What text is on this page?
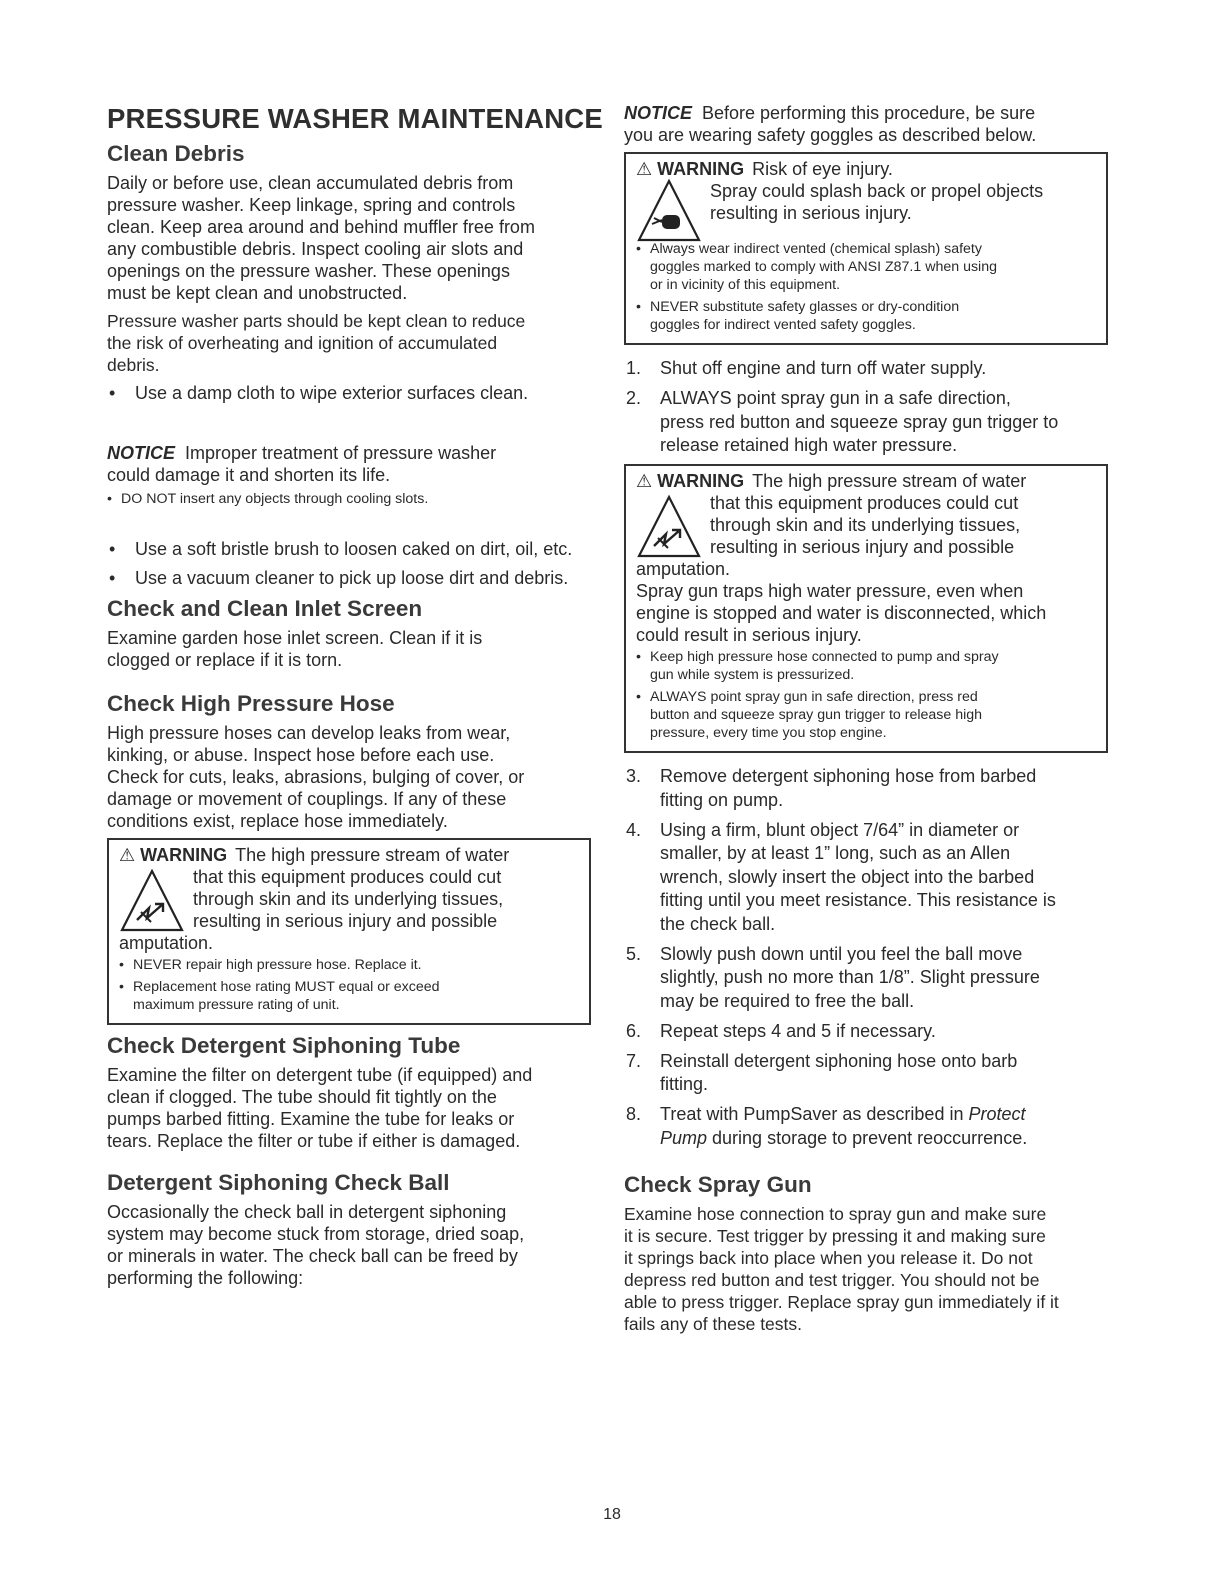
PRESSURE WASHER MAINTENANCE
Clean Debris

Daily or before use, clean accumulated debris from
pressure washer. Keep linkage, spring and controls
clean. Keep area around and behind muffler free from
any combustible debris. Inspect cooling air slots and
openings on the pressure washer. These openings
must be kept clean and unobstructed.

Pressure washer parts should be kept clean to reduce
the risk of overheating and ignition of accumulated
debris.

• Use a damp cloth to wipe exterior surfaces clean.
NOTICE Improper treatment of pressure washer
could damage it and shorten its life.
• DO NOT insert any objects through cooling slots.
• Use a soft bristle brush to loosen caked on dirt, oil, etc.
• Use a vacuum cleaner to pick up loose dirt and debris.
Check and Clean Inlet Screen

Examine garden hose inlet screen. Clean if it is
clogged or replace if it is torn.

Check High Pressure Hose

High pressure hoses can develop leaks from wear,
kinking, or abuse. Inspect hose before each use.
Check for cuts, leaks, abrasions, bulging of cover, or
damage or movement of couplings. If any of these
conditions exist, replace hose immediately.

⚠ WARNING The high pressure stream of water
that this equipment produces could cut
through skin and its underlying tissues,
resulting in serious injury and possible
amputation.
• NEVER repair high pressure hose. Replace it.
• Replacement hose rating MUST equal or exceed
maximum pressure rating of unit.
Check Detergent Siphoning Tube

Examine the filter on detergent tube (if equipped) and
clean if clogged. The tube should fit tightly on the
pumps barbed fitting. Examine the tube for leaks or
tears. Replace the filter or tube if either is damaged.

Detergent Siphoning Check Ball

Occasionally the check ball in detergent siphoning
system may become stuck from storage, dried soap,
or minerals in water. The check ball can be freed by
performing the following:

NOTICE Before performing this procedure, be sure
you are wearing safety goggles as described below.
⚠ WARNING Risk of eye injury.
Spray could splash back or propel objects
resulting in serious injury.
• Always wear indirect vented (chemical splash) safety
goggles marked to comply with ANSI Z87.1 when using
or in vicinity of this equipment.
• NEVER substitute safety glasses or dry-condition
goggles for indirect vented safety goggles.
1. Shut off engine and turn off water supply.
2. ALWAYS point spray gun in a safe direction,
press red button and squeeze spray gun trigger to
release retained high water pressure.
⚠ WARNING The high pressure stream of water
that this equipment produces could cut
through skin and its underlying tissues,
resulting in serious injury and possible
amputation.
Spray gun traps high water pressure, even when
engine is stopped and water is disconnected, which
could result in serious injury.
• Keep high pressure hose connected to pump and spray
gun while system is pressurized.
• ALWAYS point spray gun in safe direction, press red
button and squeeze spray gun trigger to release high
pressure, every time you stop engine.
3. Remove detergent siphoning hose from barbed
fitting on pump.
4. Using a firm, blunt object 7/64” in diameter or
smaller, by at least 1” long, such as an Allen
wrench, slowly insert the object into the barbed
fitting until you meet resistance. This resistance is
the check ball.
5. Slowly push down until you feel the ball move
slightly, push no more than 1/8”. Slight pressure
may be required to free the ball.
6. Repeat steps 4 and 5 if necessary.
7. Reinstall detergent siphoning hose onto barb
fitting.
8. Treat with PumpSaver as described in Protect
Pump during storage to prevent reoccurrence.
Check Spray Gun

Examine hose connection to spray gun and make sure
it is secure. Test trigger by pressing it and making sure
it springs back into place when you release it. Do not
depress red button and test trigger. You should not be
able to press trigger. Replace spray gun immediately if it
fails any of these tests.

18
